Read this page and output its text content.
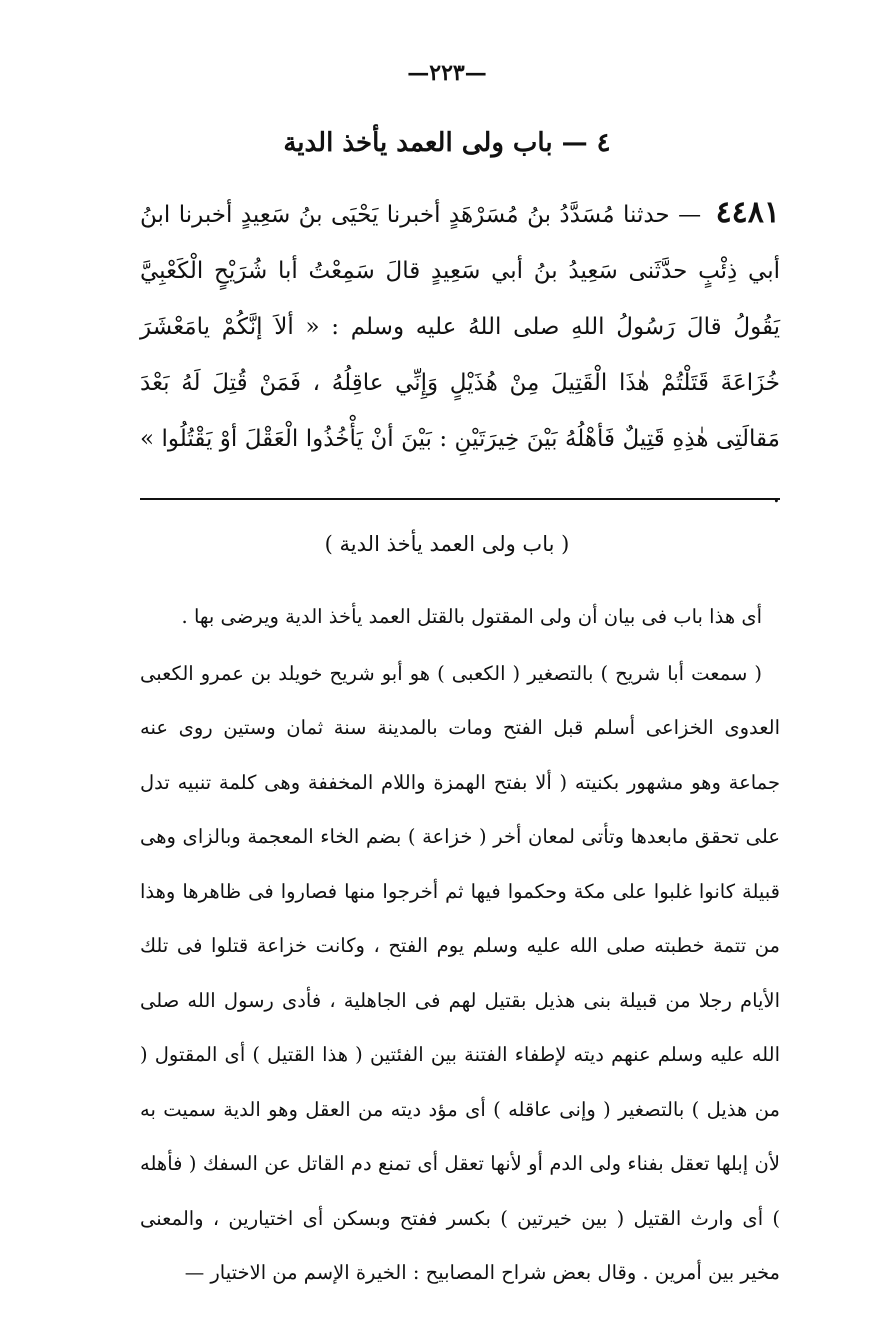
—٢٢٣—
٤ — باب ولى العمد يأخذ الدية
٤٤٨١ — حدثنا مُسَدَّدُ بنُ مُسَرْهَدٍ أخبرنا يَحْيَى بنُ سَعِيدٍ أخبرنا ابنُ أبي ذِئْبٍ حدَّثَنى سَعِيدُ بنُ أبي سَعِيدٍ قالَ سَمِعْتُ أبا شُرَيْحٍ الْكَعْبِيَّ يَقُولُ قالَ رَسُولُ اللهِ صلى اللهُ عليه وسلم : « ألاَ إنَّكُمْ يامَعْشَرَ خُزَاعَةَ قَتَلْتُمْ هٰذَا الْقَتِيلَ مِنْ هُذَيْلٍ وَإِنِّي عاقِلُهُ ، فَمَنْ قُتِلَ لَهُ بَعْدَ مَقالَتِى هٰذِهِ قَتِيلٌ فَأهْلُهُ بَيْنَ خِيرَتَيْنِ : بَيْنَ أنْ يَأْخُذُوا الْعَقْلَ أوْ يَقْتُلُوا » .
( باب ولى العمد يأخذ الدية )

أى هذا باب فى بيان أن ولى المقتول بالقتل العمد يأخذ الدية ويرضى بها .

( سمعت أبا شريح ) بالتصغير ( الكعبى ) هو أبو شريح خويلد بن عمرو الكعبى العدوى الخزاعى أسلم قبل الفتح ومات بالمدينة سنة ثمان وستين روى عنه جماعة وهو مشهور بكنيته ( ألا بفتح الهمزة واللام المخففة وهى كلمة تنبيه تدل على تحقق مابعدها وتأتى لمعان أخر ( خزاعة ) بضم الخاء المعجمة وبالزاى وهى قبيلة كانوا غلبوا على مكة وحكموا فيها ثم أخرجوا منها فصاروا فى ظاهرها وهذا من تتمة خطبته صلى الله عليه وسلم يوم الفتح ، وكانت خزاعة قتلوا فى تلك الأيام رجلا من قبيلة بنى هذيل بقتيل لهم فى الجاهلية ، فأدى رسول الله صلى الله عليه وسلم عنهم ديته لإطفاء الفتنة بين الفئتين ( هذا القتيل ) أى المقتول ( من هذيل ) بالتصغير ( وإنى عاقله ) أى مؤد ديته من العقل وهو الدية سميت به لأن إبلها تعقل بفناء ولى الدم أو لأنها تعقل أى تمنع دم القاتل عن السفك ( فأهله ) أى وارث القتيل ( بين خيرتين ) بكسر ففتح وبسكن أى اختيارين ، والمعنى مخير بين أمرين . وقال بعض شراح المصابيح : الخيرة الإسم من الاختيار —
